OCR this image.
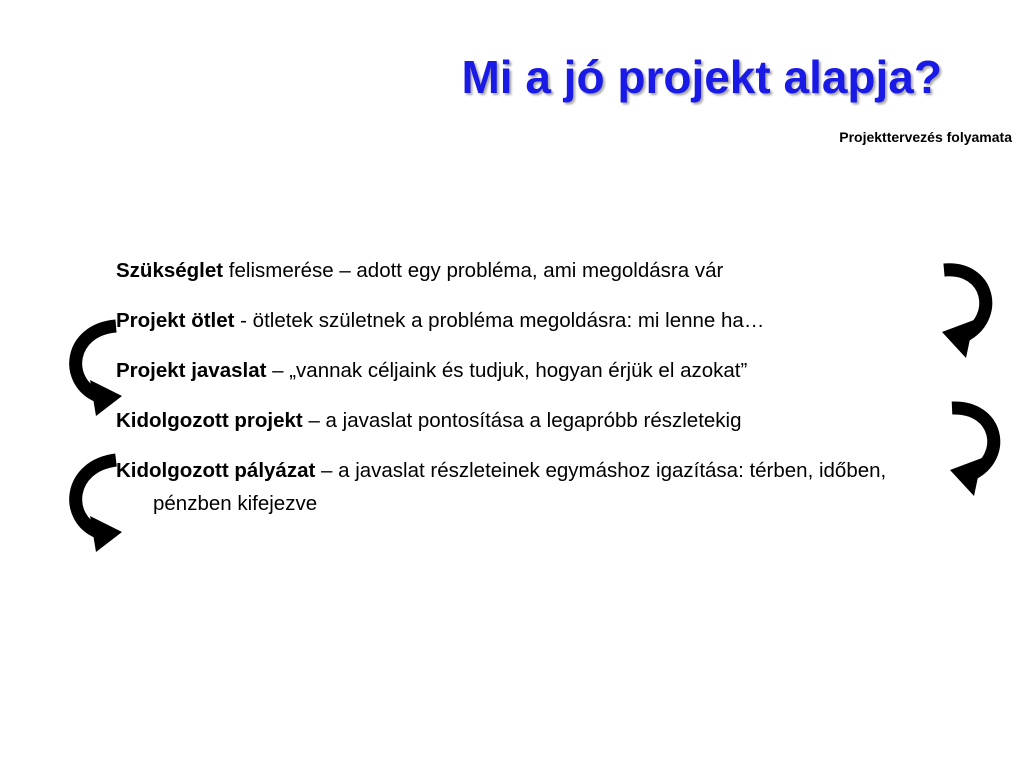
Mi a jó projekt alapja?
Projekttervezés folyamata
Szükséglet felismerése – adott egy probléma, ami megoldásra vár
Projekt ötlet - ötletek születnek a probléma megoldásra: mi lenne ha…
Projekt javaslat – „vannak céljaink és tudjuk, hogyan érjük el azokat”
Kidolgozott projekt – a javaslat pontosítása a legapróbb részletekig
Kidolgozott pályázat – a javaslat részleteinek egymáshoz igazítása: térben, időben, pénzben kifejezve
